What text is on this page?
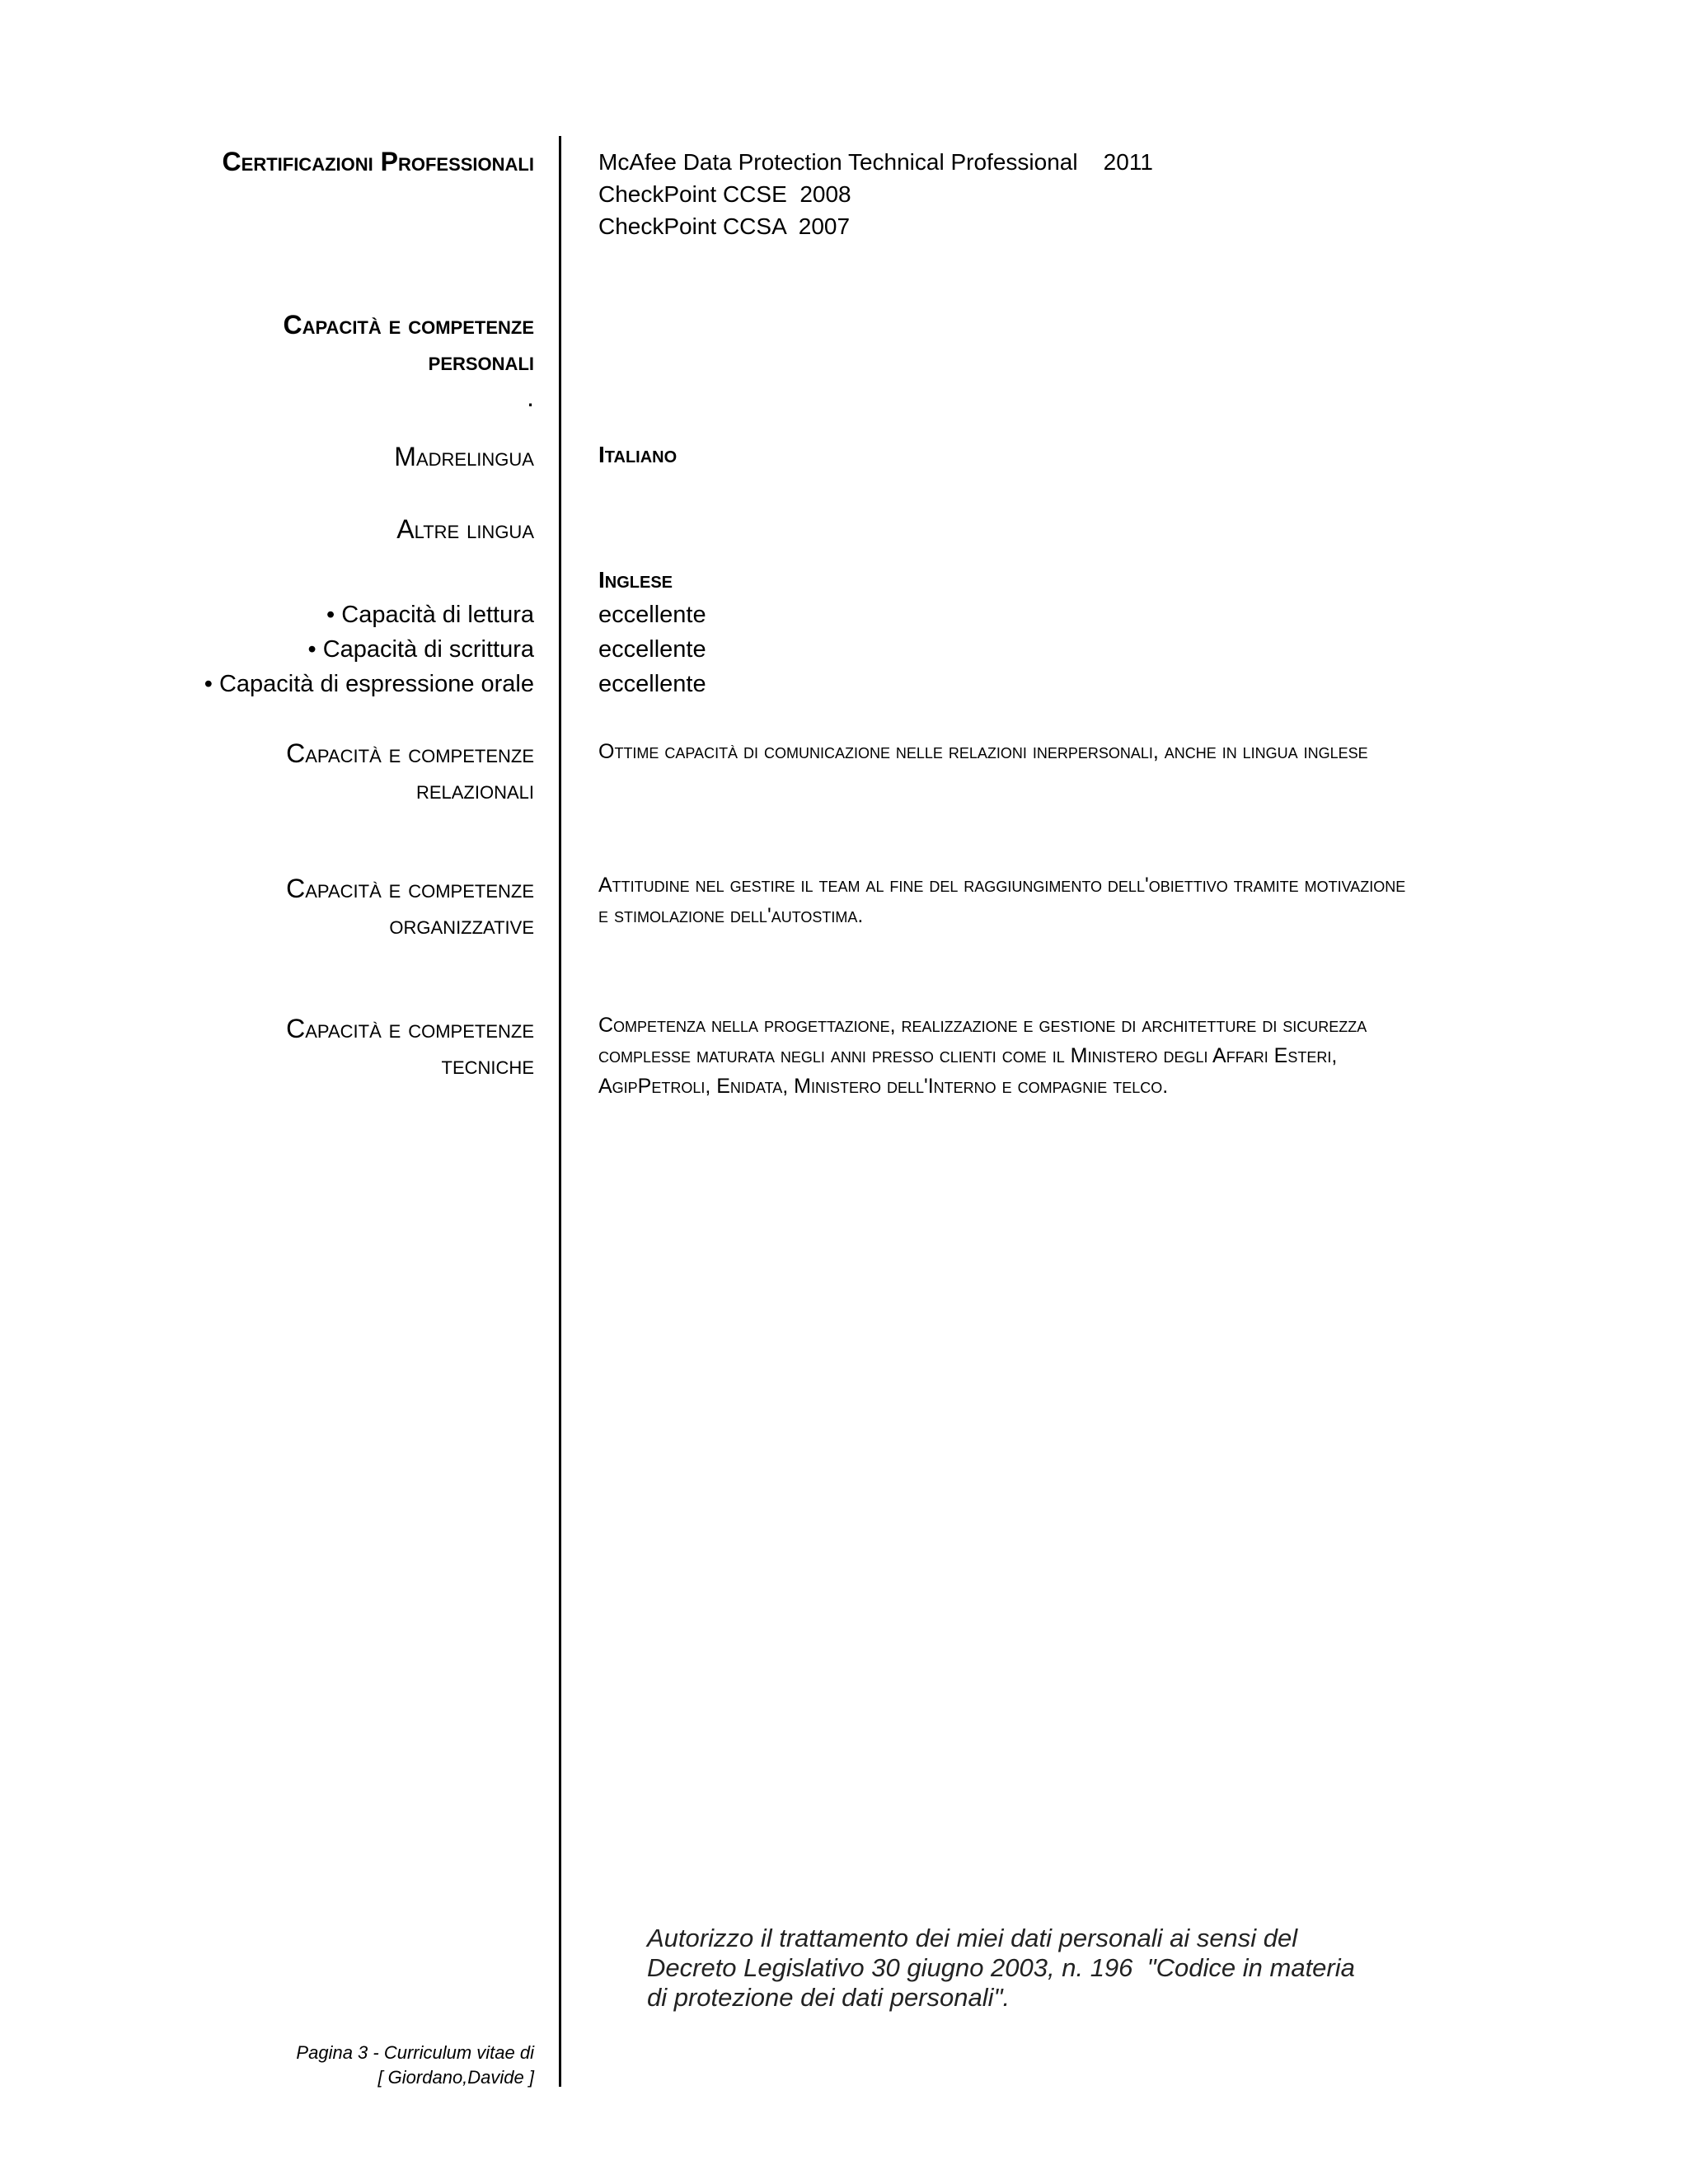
Certificazioni Professionali	McAfee Data Protection Technical Professional    2011
CheckPoint CCSE  2008
CheckPoint CCSA  2007
Capacità e competenze
personali
.
Madrelingua	Italiano
Altre lingua
Inglese
• Capacità di lettura
• Capacità di scrittura
• Capacità di espressione orale
eccellente
eccellente
eccellente
Capacità e competenze
relazionali
Ottime capacità di comunicazione nelle relazioni inerpersonali, anche in lingua inglese
Capacità e competenze
organizzative
Attitudine nel gestire il team al fine del raggiungimento dell'obiettivo tramite motivazione
e stimolazione dell'autostima.
Capacità e competenze
tecniche
Competenza nella progettazione, realizzazione e gestione di architetture di sicurezza
complesse maturata negli anni presso clienti come il Ministero degli Affari Esteri,
AgipPetroli, Enidata, Ministero dell'Interno e compagnie telco.
Autorizzo il trattamento dei miei dati personali ai sensi del
Decreto Legislativo 30 giugno 2003, n. 196  "Codice in materia
di protezione dei dati personali".
Pagina 3 - Curriculum vitae di
[ Giordano,Davide ]
